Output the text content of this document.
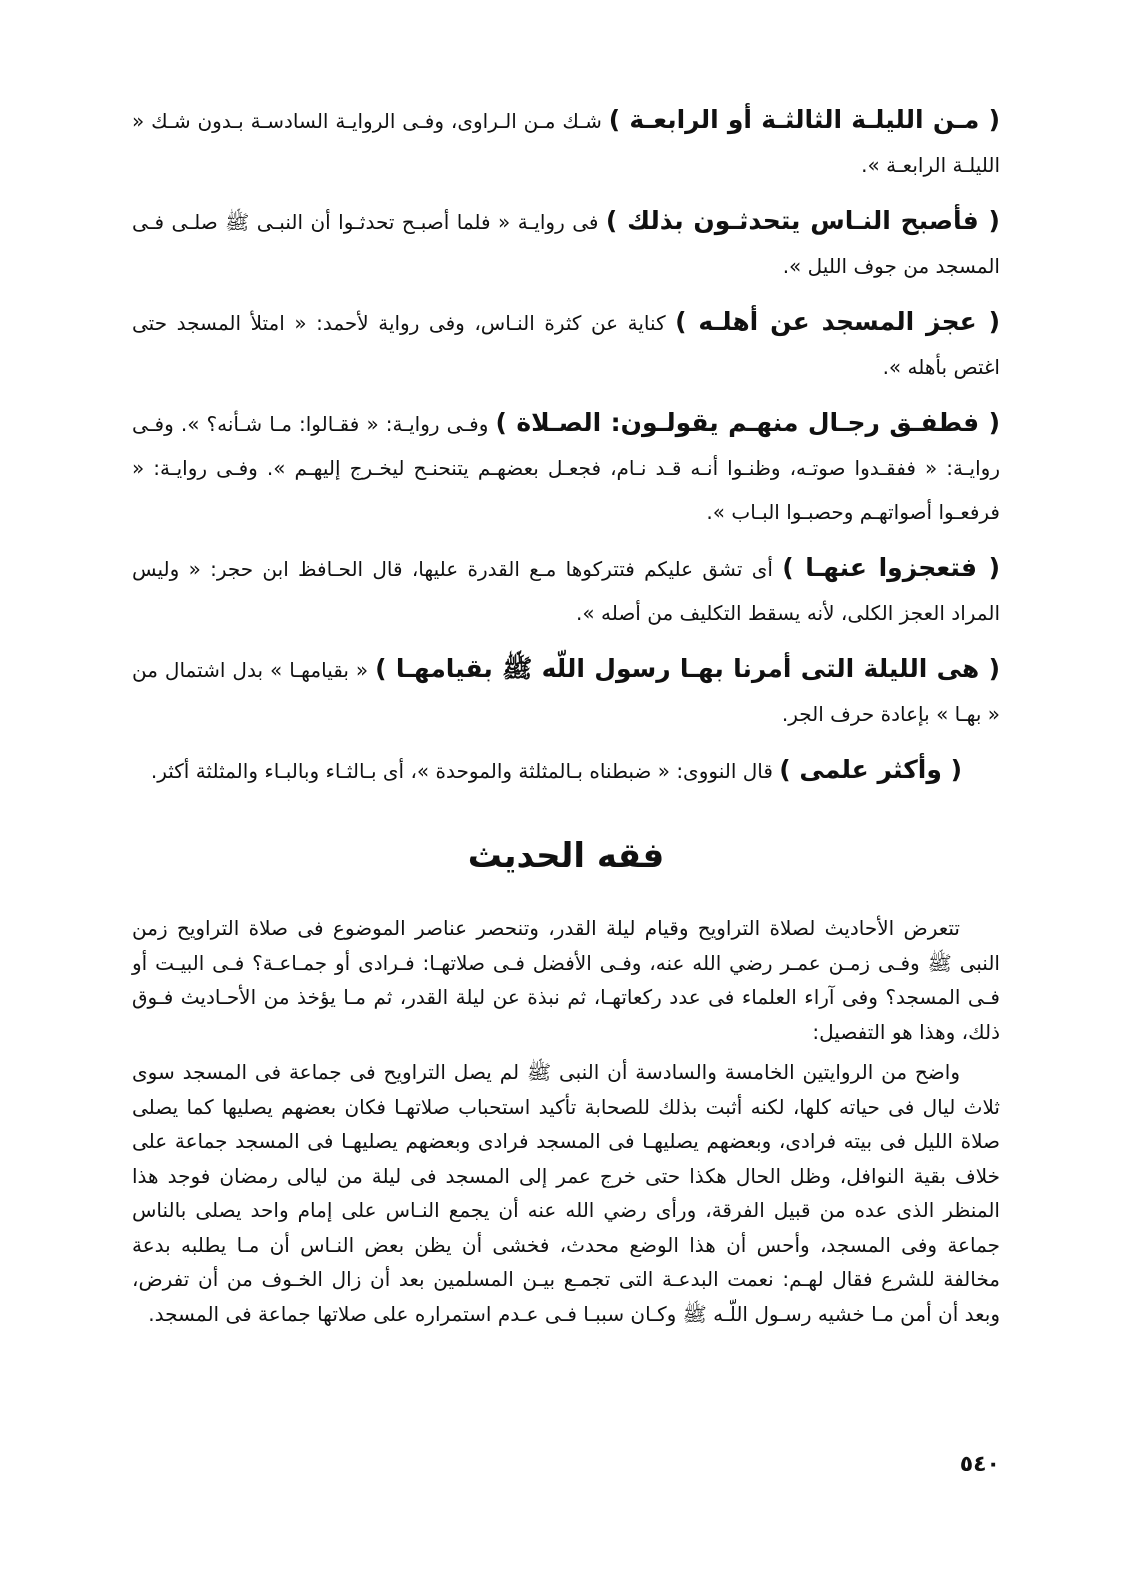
( مـن الليلـة الثالثـة أو الرابعـة ) شـك مـن الـراوى، وفـى الروايـة السادسـة بـدون شـك « الليلـة الرابعـة ».

( فأصبح النـاس يتحدثـون بذلك ) فى روايـة « فلما أصبـح تحدثـوا أن النبـى ﷺ صلـى فـى المسجد من جوف الليل ».

( عجز المسجد عن أهلـه ) كناية عن كثرة النـاس، وفى رواية لأحمد: « امتلأ المسجد حتى اغتص بأهله ».

( فطفـق رجـال منهـم يقولـون: الصـلاة ) وفـى روايـة: « فقـالوا: مـا شـأنه؟ ». وفـى روايـة: « ففقـدوا صوتـه، وظنـوا أنـه قـد نـام، فجعـل بعضهـم يتنحنـح ليخـرج إليهـم ». وفـى روايـة: « فرفعـوا أصواتهـم وحصبـوا البـاب ».

( فتعجزوا عنهـا ) أى تشق عليكم فتتركوها مـع القدرة عليها، قال الحـافظ ابن حجر: « وليس المراد العجز الكلى، لأنه يسقط التكليف من أصله ».

( هى الليلة التى أمرنا بهـا رسول اللّه ﷺ بقيامهـا ) « بقيامهـا » بدل اشتمال من « بهـا » بإعادة حرف الجر.

( وأكثر علمى ) قال النووى: « ضبطناه بـالمثلثة والموحدة »، أى بـالثـاء وبالبـاء والمثلثة أكثر.

فقه الحديث

تتعرض الأحاديث لصلاة التراويح وقيام ليلة القدر، وتنحصر عناصر الموضوع فى صلاة التراويح زمن النبى ﷺ وفـى زمـن عمـر رضي الله عنه، وفـى الأفضل فـى صلاتهـا: فـرادى أو جمـاعـة؟ فـى البيـت أو فـى المسجد؟ وفى آراء العلماء فى عدد ركعاتهـا، ثم نبذة عن ليلة القدر، ثم مـا يؤخذ من الأحـاديث فـوق ذلك، وهذا هو التفصيل:

واضح من الروايتين الخامسة والسادسة أن النبى ﷺ لم يصل التراويح فى جماعة فى المسجد سوى ثلاث ليال فى حياته كلها، لكنه أثبت بذلك للصحابة تأكيد استحباب صلاتهـا فكان بعضهم يصليها كما يصلى صلاة الليل فى بيته فرادى، وبعضهم يصليهـا فى المسجد فرادى وبعضهم يصليهـا فى المسجد جماعة على خلاف بقية النوافل، وظل الحال هكذا حتى خرج عمر إلى المسجد فى ليلة من ليالى رمضان فوجد هذا المنظر الذى عده من قبيل الفرقة، ورأى رضي الله عنه أن يجمع النـاس على إمام واحد يصلى بالناس جماعة وفى المسجد، وأحس أن هذا الوضع محدث، فخشى أن يظن بعض النـاس أن مـا يطلبه بدعة مخالفة للشرع فقال لهـم: نعمت البدعـة التى تجمـع بيـن المسلمين بعد أن زال الخـوف من أن تفرض، وبعد أن أمن مـا خشيه رسـول اللّـه ﷺ وكـان سببـا فـى عـدم استمراره على صلاتها جماعة فى المسجد.

٥٤٠
